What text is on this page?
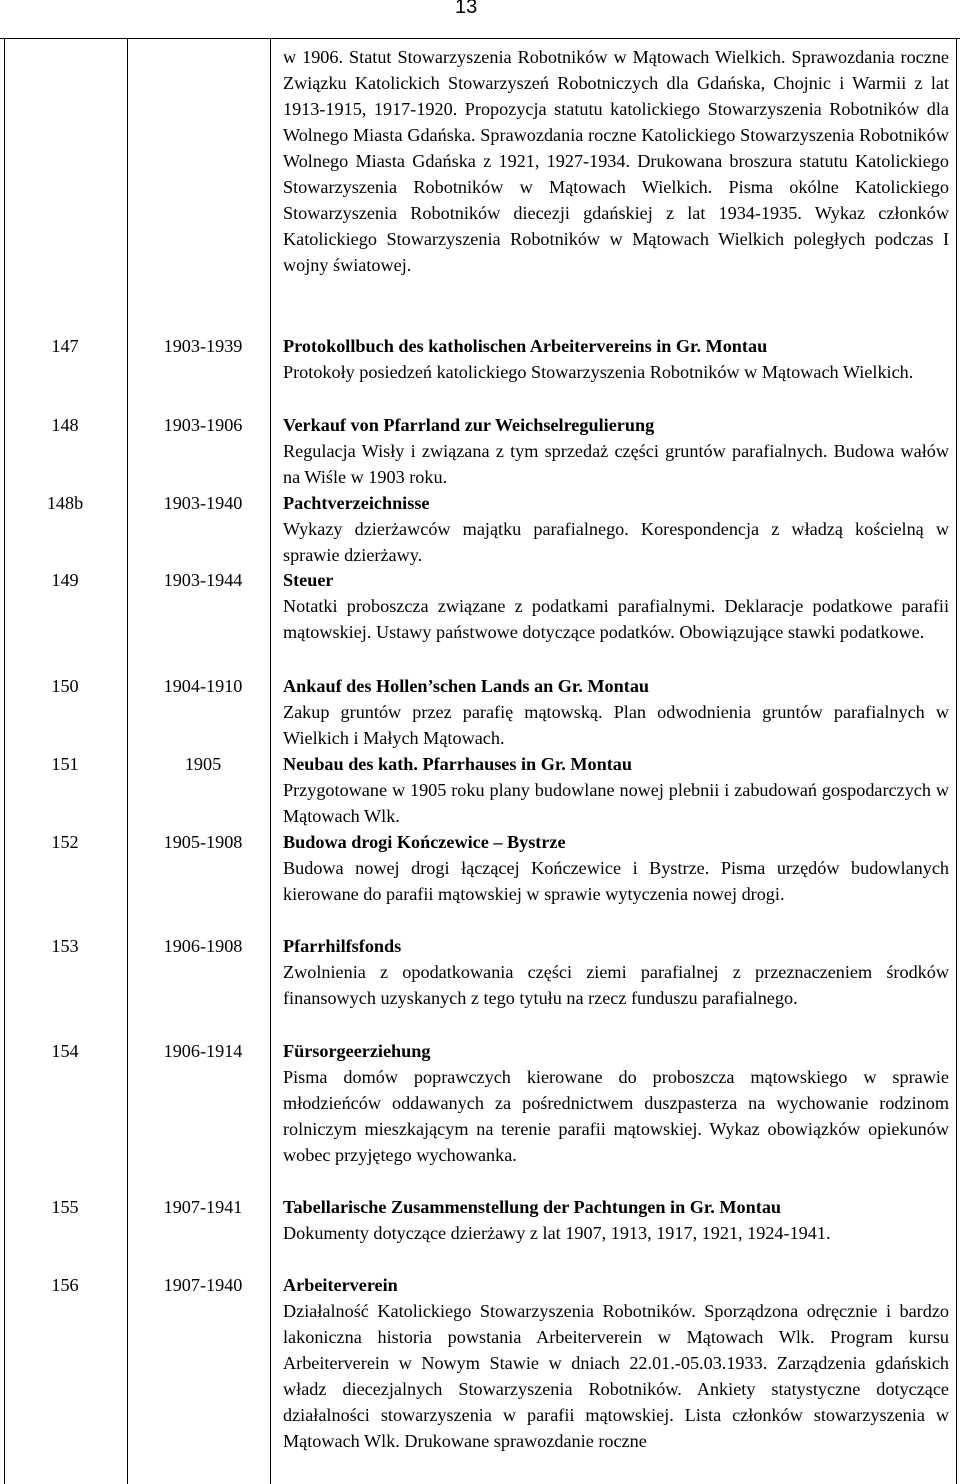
13
w 1906. Statut Stowarzyszenia Robotników w Mątowach Wielkich. Sprawozdania roczne Związku Katolickich Stowarzyszeń Robotniczych dla Gdańska, Chojnic i Warmii z lat 1913-1915, 1917-1920. Propozycja statutu katolickiego Stowarzyszenia Robotników dla Wolnego Miasta Gdańska. Sprawozdania roczne Katolickiego Stowarzyszenia Robotników Wolnego Miasta Gdańska z 1921, 1927-1934. Drukowana broszura statutu Katolickiego Stowarzyszenia Robotników w Mątowach Wielkich. Pisma okólne Katolickiego Stowarzyszenia Robotników diecezji gdańskiej z lat 1934-1935. Wykaz członków Katolickiego Stowarzyszenia Robotników w Mątowach Wielkich poległych podczas I wojny światowej.
147	1903-1939	Protokollbuch des katholischen Arbeitervereins in Gr. Montau
Protokoły posiedzeń katolickiego Stowarzyszenia Robotników w Mątowach Wielkich.
148	1903-1906	Verkauf von Pfarrland zur Weichselregulierung
Regulacja Wisły i związana z tym sprzedaż części gruntów parafialnych. Budowa wałów na Wiśle w 1903 roku.
148b	1903-1940	Pachtverzeichnisse
Wykazy dzierżawców majątku parafialnego. Korespondencja z władzą kościelną w sprawie dzierżawy.
149	1903-1944	Steuer
Notatki proboszcza związane z podatkami parafialnymi. Deklaracje podatkowe parafii mątowskiej. Ustawy państwowe dotyczące podatków. Obowiązujące stawki podatkowe.
150	1904-1910	Ankauf des Hollen’schen Lands an Gr. Montau
Zakup gruntów przez parafię mątowską. Plan odwodnienia gruntów parafialnych w Wielkich i Małych Mątowach.
151	1905	Neubau des kath. Pfarrhauses in Gr. Montau
Przygotowane w 1905 roku plany budowlane nowej plebnii i zabudowań gospodarczych w Mątowach Wlk.
152	1905-1908	Budowa drogi Kończewice – Bystrze
Budowa nowej drogi łączącej Kończewice i Bystrze. Pisma urzędów budowlanych kierowane do parafii mątowskiej w sprawie wytyczenia nowej drogi.
153	1906-1908	Pfarrhilfsfonds
Zwolnienia z opodatkowania części ziemi parafialnej z przeznaczeniem środków finansowych uzyskanych z tego tytułu na rzecz funduszu parafialnego.
154	1906-1914	Fürsorgeerziehung
Pisma domów poprawczych kierowane do proboszcza mątowskiego w sprawie młodzieńców oddawanych za pośrednictwem duszpasterza na wychowanie rodzinom rolniczym mieszkającym na terenie parafii mątowskiej. Wykaz obowiązków opiekunów wobec przyjętego wychowanka.
155	1907-1941	Tabellarische Zusammenstellung der Pachtungen in Gr. Montau
Dokumenty dotyczące dzierżawy z lat 1907, 1913, 1917, 1921, 1924-1941.
156	1907-1940	Arbeiterverein
Działalność Katolickiego Stowarzyszenia Robotników. Sporządzona odręcznie i bardzo lakoniczna historia powstania Arbeiterverein w Mątowach Wlk. Program kursu Arbeiterverein w Nowym Stawie w dniach 22.01.-05.03.1933. Zarządzenia gdańskich władz diecezjalnych Stowarzyszenia Robotników. Ankiety statystyczne dotyczące działalności stowarzyszenia w parafii mątowskiej. Lista członków stowarzyszenia w Mątowach Wlk. Drukowane sprawozdanie roczne
